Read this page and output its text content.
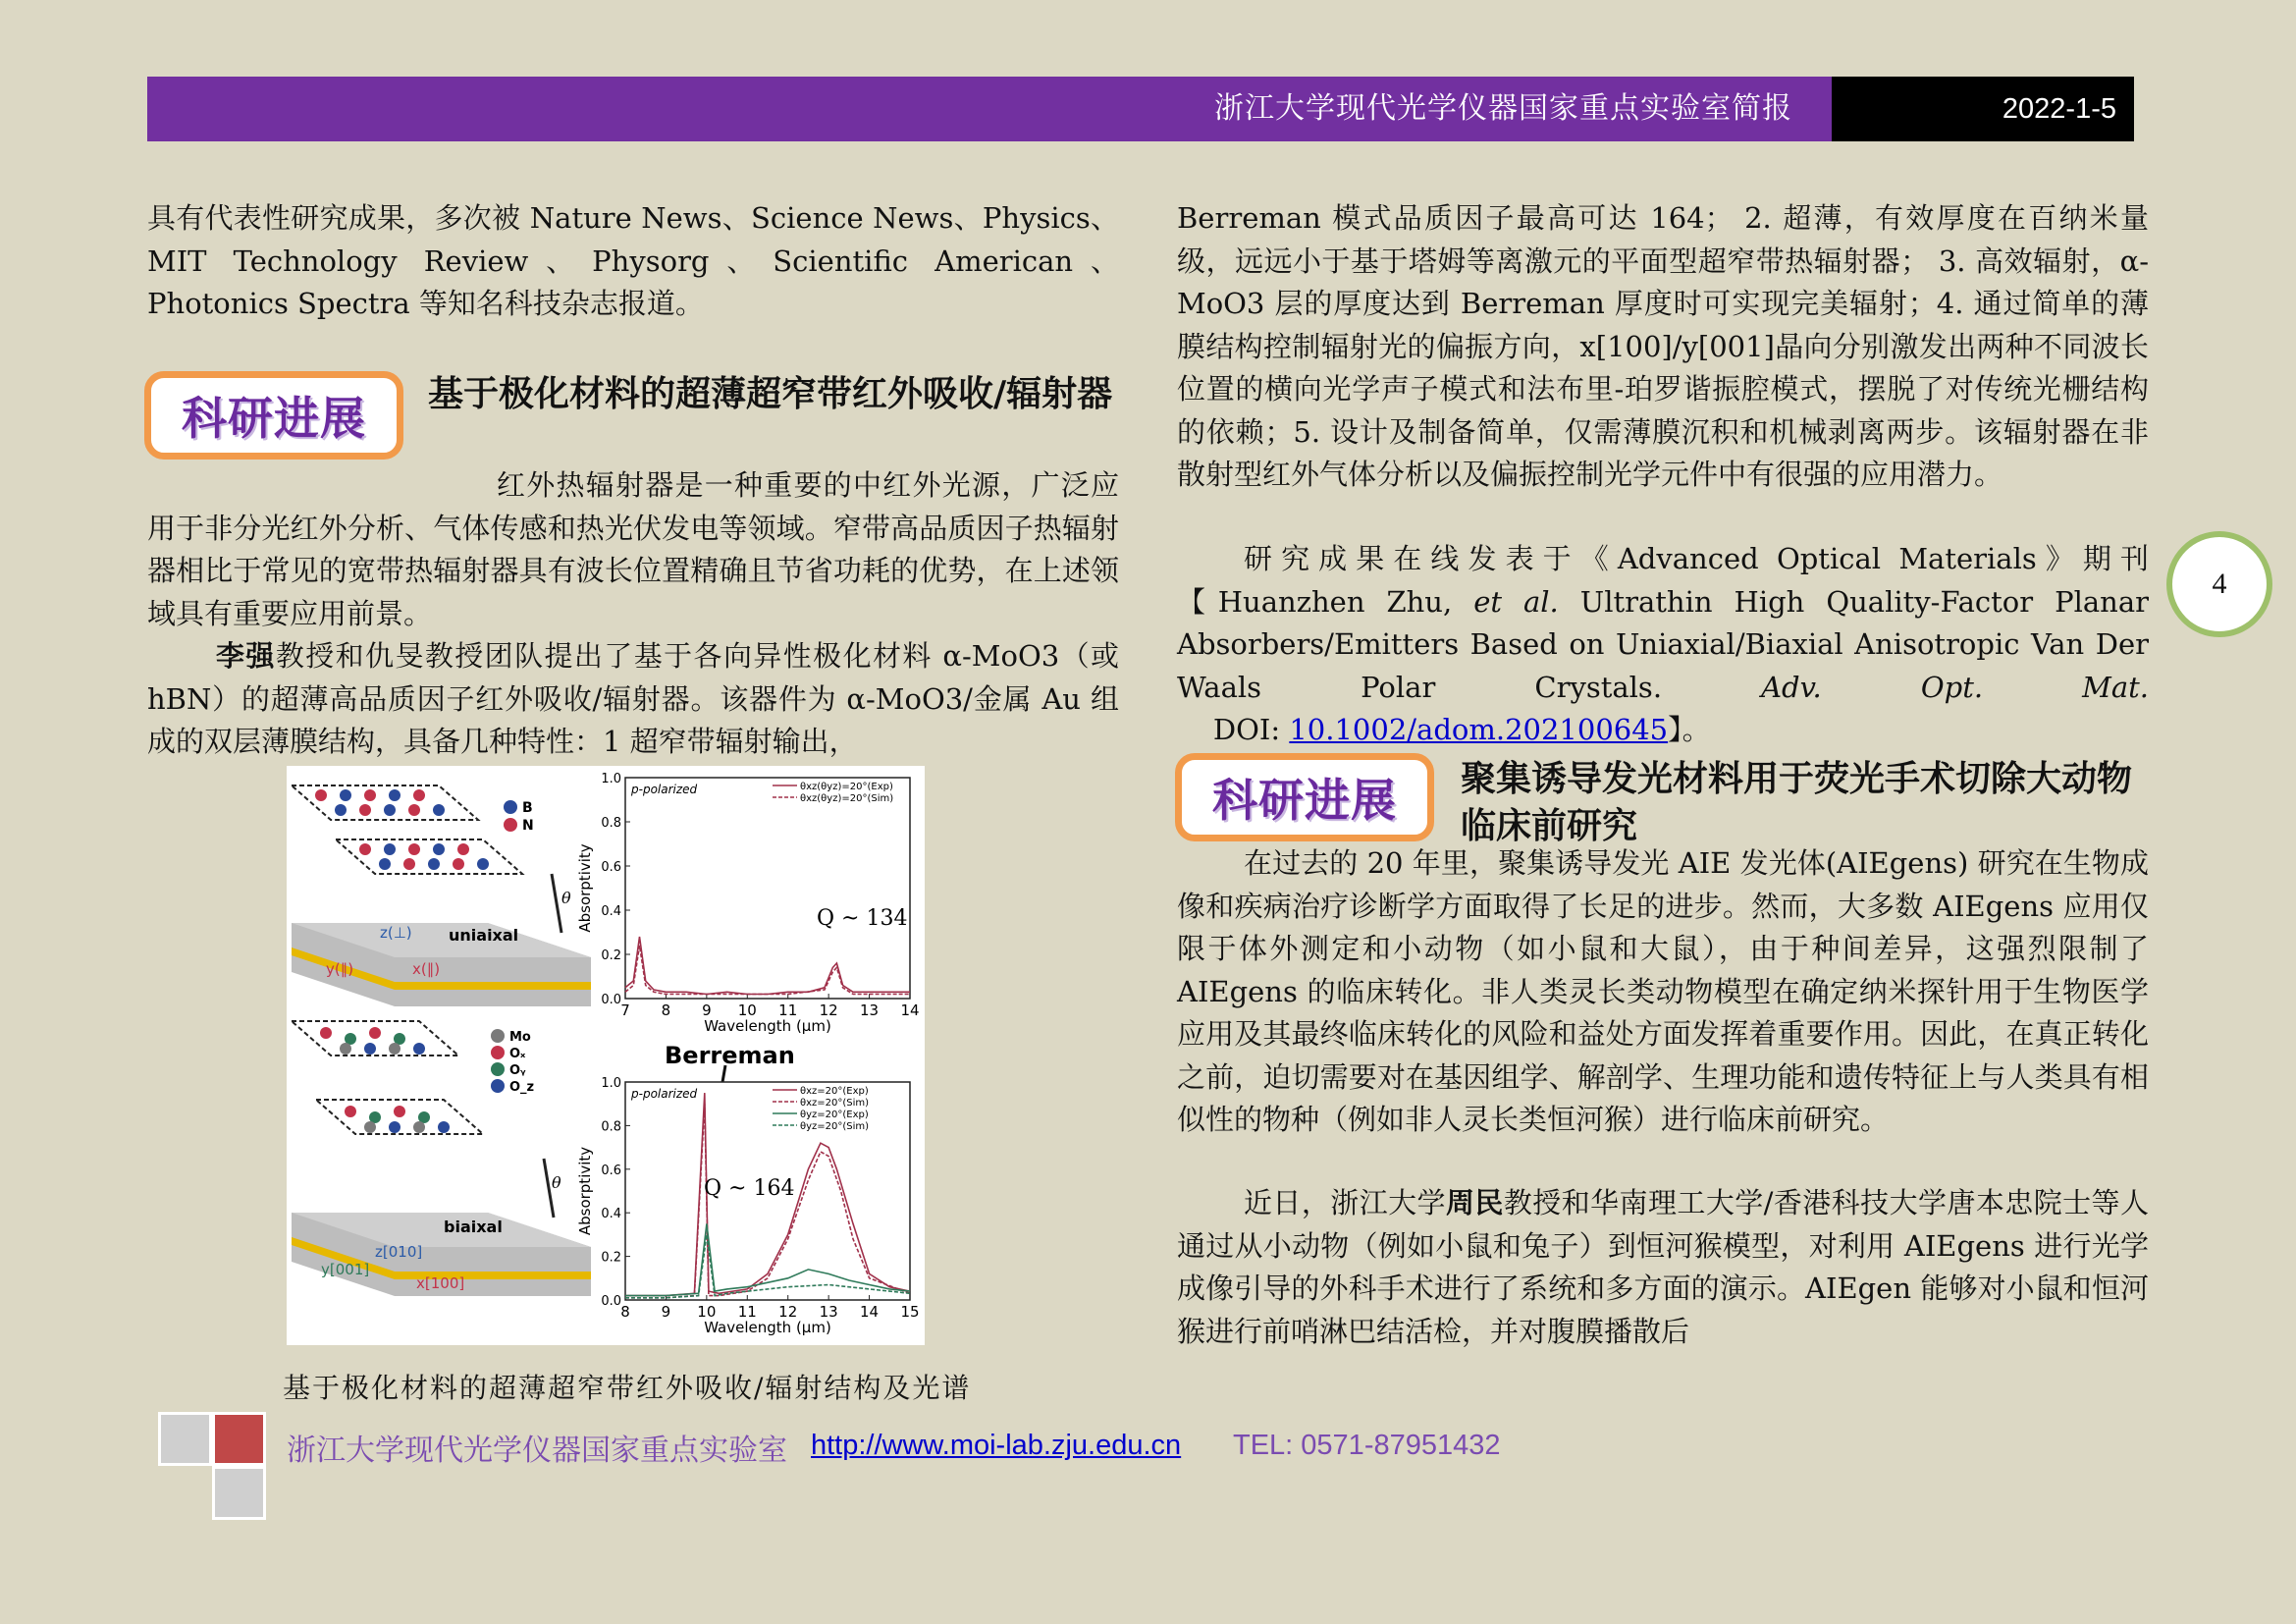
浙江大学现代光学仪器国家重点实验室简报	2022-1-5
4

具有代表性研究成果，多次被 Nature News、Science News、Physics、MIT Technology Review、Physorg、Scientific American、Photonics Spectra 等知名科技杂志报道。

科研进展 基于极化材料的超薄超窄带红外吸收/辐射器

红外热辐射器是一种重要的中红外光源，广泛应用于非分光红外分析、气体传感和热光伏发电等领域。窄带高品质因子热辐射器相比于常见的宽带热辐射器具有波长位置精确且节省功耗的优势，在上述领域具有重要应用前景。

李强教授和仇旻教授团队提出了基于各向异性极化材料 α-MoO3（或 hBN）的超薄高品质因子红外吸收/辐射器。该器件为 α-MoO3/金属 Au 组成的双层薄膜结构，具备几种特性：1 超窄带辐射输出，

B
N
uniaixal
θ
z(⊥)
y(∥)	x(∥)
Mo
Oₓ
Oᵧ
O_z
biaixal
θ
z[010]
y[001]
x[100]
Berreman
7 8 9 10 11 12 13 14
0.0
0.2
0.4
0.6
0.8
1.0
Wavelength (μm)
Absorptivity
p-polarized	θxz(θyz)=20°(Exp)
θxz(θyz)=20°(Sim)
Q ~ 134
8 9 10 11 12 13 14 15
0.0
0.2
0.4
0.6
0.8
1.0
Wavelength (μm)
Absorptivity
p-polarized	θxz=20°(Exp)
θxz=20°(Sim)
θyz=20°(Exp)
θyz=20°(Sim)
Q ~ 164
基于极化材料的超薄超窄带红外吸收/辐射结构及光谱

Berreman 模式品质因子最高可达 164； 2. 超薄，有效厚度在百纳米量级，远远小于基于塔姆等离激元的平面型超窄带热辐射器； 3. 高效辐射，α-MoO3 层的厚度达到 Berreman 厚度时可实现完美辐射；4. 通过简单的薄膜结构控制辐射光的偏振方向，x[100]/y[001]晶向分别激发出两种不同波长位置的横向光学声子模式和法布里-珀罗谐振腔模式，摆脱了对传统光栅结构的依赖；5. 设计及制备简单，仅需薄膜沉积和机械剥离两步。该辐射器在非散射型红外气体分析以及偏振控制光学元件中有很强的应用潜力。

研究成果在线发表于《Advanced Optical Materials》期刊【Huanzhen Zhu, et al. Ultrathin High Quality-Factor Planar Absorbers/Emitters Based on Uniaxial/Biaxial Anisotropic Van Der Waals Polar Crystals. Adv. Opt. Mat.    DOI: 10.1002/adom.202100645】。

科研进展 聚集诱导发光材料用于荧光手术切除大动物临床前研究

在过去的 20 年里，聚集诱导发光 AIE 发光体(AIEgens) 研究在生物成像和疾病治疗诊断学方面取得了长足的进步。然而，大多数 AIEgens 应用仅限于体外测定和小动物（如小鼠和大鼠），由于种间差异，这强烈限制了 AIEgens 的临床转化。非人类灵长类动物模型在确定纳米探针用于生物医学应用及其最终临床转化的风险和益处方面发挥着重要作用。因此，在真正转化之前，迫切需要对在基因组学、解剖学、生理功能和遗传特征上与人类具有相似性的物种（例如非人灵长类恒河猴）进行临床前研究。

近日，浙江大学周民教授和华南理工大学/香港科技大学唐本忠院士等人通过从小动物（例如小鼠和兔子）到恒河猴模型，对利用 AIEgens 进行光学成像引导的外科手术进行了系统和多方面的演示。AIEgen 能够对小鼠和恒河猴进行前哨淋巴结活检，并对腹膜播散后

浙江大学现代光学仪器国家重点实验室 http://www.moi-lab.zju.edu.cn TEL: 0571-87951432
